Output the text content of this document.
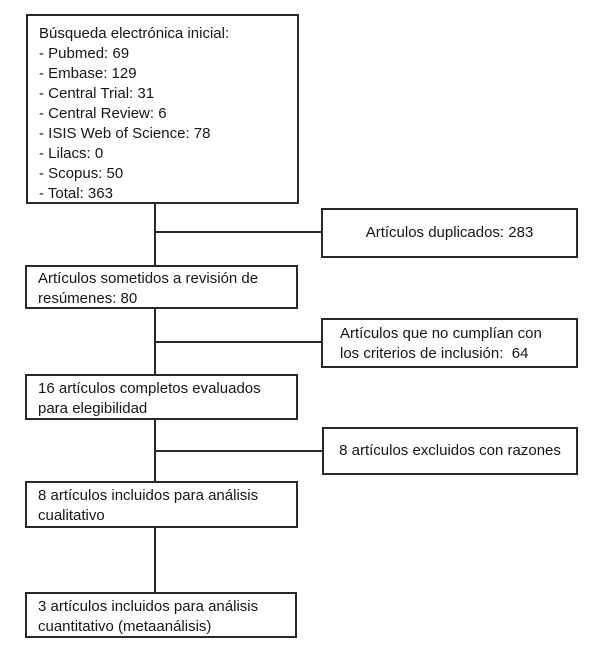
Búsqueda electrónica inicial:
- Pubmed: 69
- Embase: 129
- Central Trial: 31
- Central Review: 6
- ISIS Web of Science: 78
- Lilacs: 0
- Scopus: 50
- Total: 363
Artículos duplicados: 283
Artículos sometidos a revisión de
resúmenes: 80
Artículos que no cumplían con
los criterios de inclusión:  64
16 artículos completos evaluados
para elegibilidad
8 artículos excluidos con razones
8 artículos incluidos para análisis
cualitativo
3 artículos incluidos para análisis
cuantitativo (metaanálisis)
